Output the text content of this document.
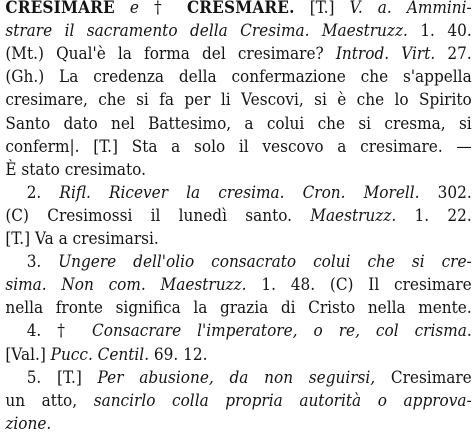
CRESIMARE e † CRESMARE. [T.] V. a. Ammini-
strare il sacramento della Cresima. Maestruzz. 1. 40.
(Mt.) Qual'è la forma del cresimare? Introd. Virt. 27.
(Gh.) La credenza della confermazione che s'appella
cresimare, che si fa per li Vescovi, si è che lo Spirito
Santo dato nel Battesimo, a colui che si cresma, si
conferm|. [T.] Sta a solo il vescovo a cresimare. —
È stato cresimato.
2. Rifl. Ricever la cresima. Cron. Morell. 302.
(C) Cresimossi il lunedì santo. Maestruzz. 1. 22.
[T.] Va a cresimarsi.
3. Ungere dell'olio consacrato colui che si cre-
sima. Non com. Maestruzz. 1. 48. (C) Il cresimare
nella fronte significa la grazia di Cristo nella mente.
4. † Consacrare l'imperatore, o re, col crisma.
[Val.] Pucc. Centil. 69. 12.
5. [T.] Per abusione, da non seguirsi, Cresimare
un atto, sancirlo colla propria autorità o approva-
zione.
